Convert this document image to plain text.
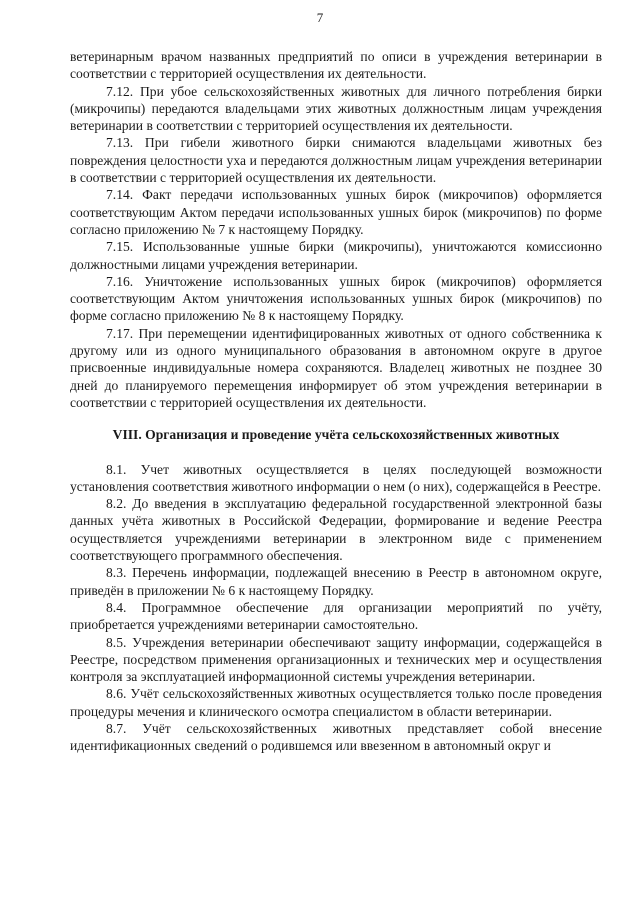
7

ветеринарным врачом названных предприятий по описи в учреждения ветеринарии в соответствии с территорией осуществления их деятельности.

7.12. При убое сельскохозяйственных животных для личного потребления бирки (микрочипы) передаются владельцами этих животных должностным лицам учреждения ветеринарии в соответствии с территорией осуществления их деятельности.

7.13. При гибели животного бирки снимаются владельцами животных без повреждения целостности уха и передаются должностным лицам учреждения ветеринарии в соответствии с территорией осуществления их деятельности.

7.14. Факт передачи использованных ушных бирок (микрочипов) оформляется соответствующим Актом передачи использованных ушных бирок (микрочипов) по форме согласно приложению № 7 к настоящему Порядку.

7.15. Использованные ушные бирки (микрочипы), уничтожаются комиссионно должностными лицами учреждения ветеринарии.

7.16. Уничтожение использованных ушных бирок (микрочипов) оформляется соответствующим Актом уничтожения использованных ушных бирок (микрочипов) по форме согласно приложению № 8 к настоящему Порядку.

7.17. При перемещении идентифицированных животных от одного собственника к другому или из одного муниципального образования в автономном округе в другое присвоенные индивидуальные номера сохраняются. Владелец животных не позднее 30 дней до планируемого перемещения информирует об этом учреждения ветеринарии в соответствии с территорией осуществления их деятельности.

VIII. Организация и проведение учёта сельскохозяйственных животных

8.1. Учет животных осуществляется в целях последующей возможности установления соответствия животного информации о нем (о них), содержащейся в Реестре.

8.2. До введения в эксплуатацию федеральной государственной электронной базы данных учёта животных в Российской Федерации, формирование и ведение Реестра осуществляется учреждениями ветеринарии в электронном виде с применением соответствующего программного обеспечения.

8.3. Перечень информации, подлежащей внесению в Реестр в автономном округе, приведён в приложении № 6 к настоящему Порядку.

8.4. Программное обеспечение для организации мероприятий по учёту, приобретается учреждениями ветеринарии самостоятельно.

8.5. Учреждения ветеринарии обеспечивают защиту информации, содержащейся в Реестре, посредством применения организационных и технических мер и осуществления контроля за эксплуатацией информационной системы учреждения ветеринарии.

8.6. Учёт сельскохозяйственных животных осуществляется только после проведения процедуры мечения и клинического осмотра специалистом в области ветеринарии.

8.7. Учёт сельскохозяйственных животных представляет собой внесение идентификационных сведений о родившемся или ввезенном в автономный округ и
